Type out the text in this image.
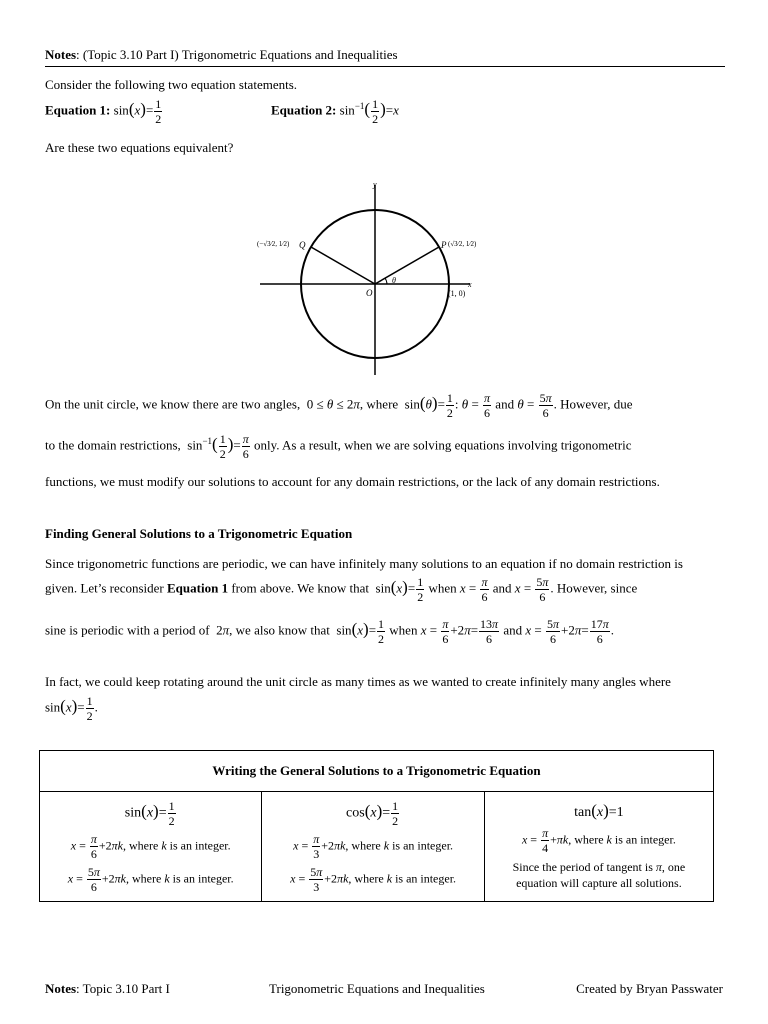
Notes: (Topic 3.10 Part I) Trigonometric Equations and Inequalities
Consider the following two equation statements.
Equation 1: $\sin(x)= \frac{1}{2}$	Equation 2: $\sin^{-1}( \frac{1}{2} )=x$
Are these two equations equivalent?
y
x
O
θ
(1, 0)
P (√3⁄2, 1⁄2)
Q
(−√3⁄2, 1⁄2)
On the unit circle, we know there are two angles,  0 ≤ θ ≤ 2π, where  $\sin(\theta)= \frac{1}{2}$ : $\theta = \frac{\pi}{6}$ and $\theta = \frac{5\pi}{6}$ . However, due
to the domain restrictions,  $\sin^{-1}( \frac{1}{2}$ )= $\frac{\pi}{6}$ only. As a result, when we are solving equations involving trigonometric
functions, we must modify our solutions to account for any domain restrictions, or the lack of any domain restrictions.
Finding General Solutions to a Trigonometric Equation
Since trigonometric functions are periodic, we can have infinitely many solutions to an equation if no domain restriction is
given. Let’s reconsider Equation 1 from above. We know that  $\sin(x)= \frac{1}{2}$ when $x = \frac{\pi}{6}$ and $x = \frac{5\pi}{6}$ . However, since
sine is periodic with a period of  2π, we also know that  $\sin(x)= \frac{1}{2}$ when $x = \frac{\pi}{6} +2\pi= \frac{13\pi}{6}$ and $x = \frac{5\pi}{6} +2\pi= \frac{17\pi}{6}$ .
In fact, we could keep rotating around the unit circle as many times as we wanted to create infinitely many angles where
$\sin(x)= \frac{1}{2}$ .
Writing the General Solutions to a Trigonometric Equation

$\sin(x)= \frac{1}{2}$
$x = \frac{\pi}{6} +2\pi k$, where k is an integer.
$x = \frac{5\pi}{6} +2\pi k$, where k is an integer.

$\cos(x)= \frac{1}{2}$
$x = \frac{\pi}{3} +2\pi k$, where k is an integer.
$x = \frac{5\pi}{3} +2\pi k$, where k is an integer.

tan(x)=1
$x = \frac{\pi}{4} +\pi k$, where k is an integer.
Since the period of tangent is π, one
equation will capture all solutions.
Notes: Topic 3.10 Part I	Trigonometric Equations and Inequalities	Created by Bryan Passwater
